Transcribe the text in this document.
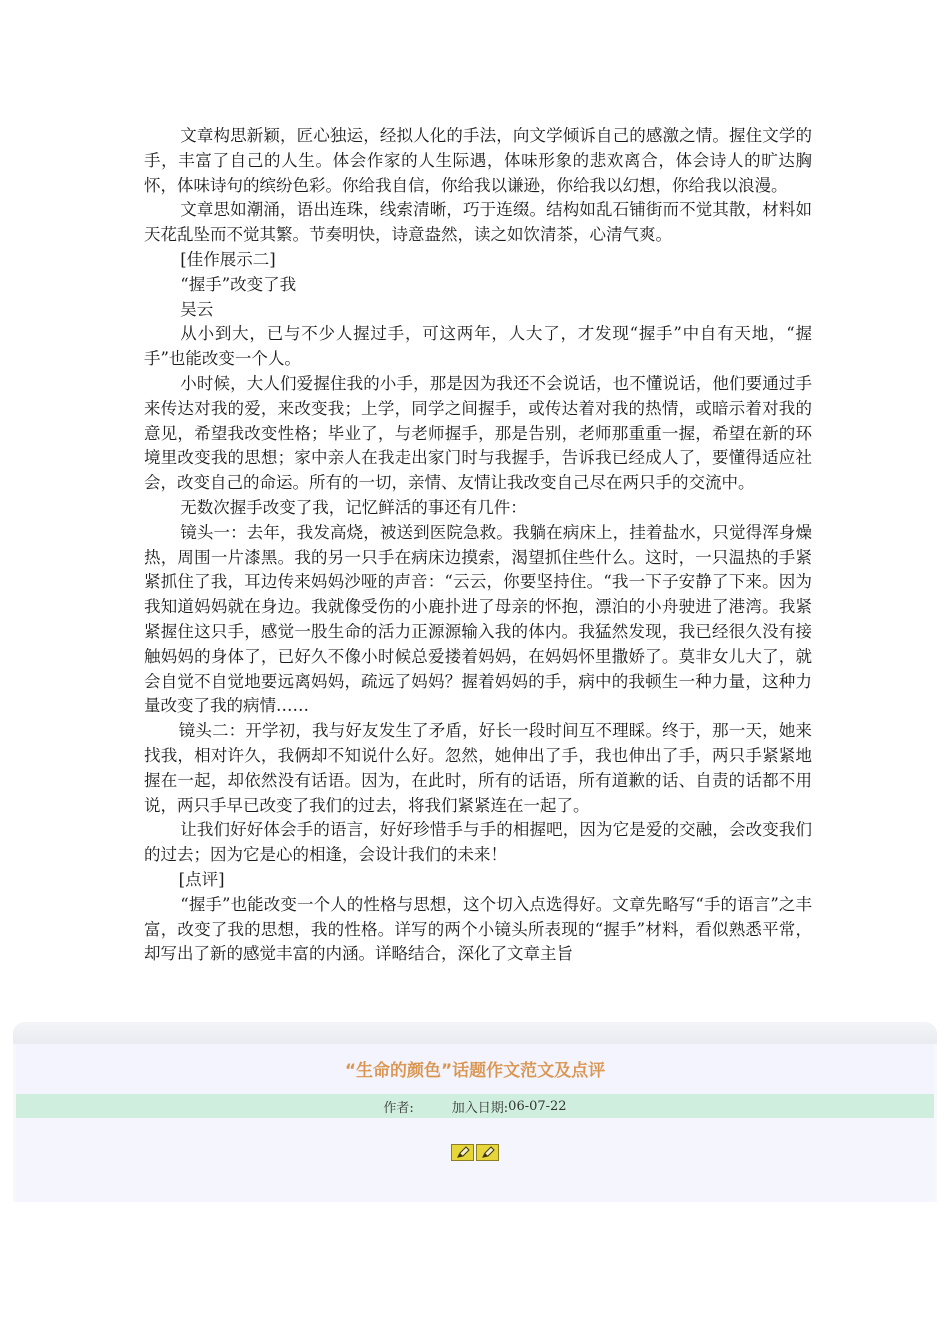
文章构思新颖，匠心独运，经拟人化的手法，向文学倾诉自己的感激之情。握住文学的手，丰富了自己的人生。体会作家的人生际遇，体味形象的悲欢离合，体会诗人的旷达胸怀，体味诗句的缤纷色彩。你给我自信，你给我以谦逊，你给我以幻想，你给我以浪漫。

文章思如潮涌，语出连珠，线索清晰，巧于连缀。结构如乱石铺街而不觉其散，材料如天花乱坠而不觉其繁。节奏明快，诗意盎然，读之如饮清茶，心清气爽。

[佳作展示二]

“握手”改变了我

吴云

从小到大，已与不少人握过手，可这两年，人大了，才发现“握手”中自有天地，“握手”也能改变一个人。

小时候，大人们爱握住我的小手，那是因为我还不会说话，也不懂说话，他们要通过手来传达对我的爱，来改变我；上学，同学之间握手，或传达着对我的热情，或暗示着对我的意见，希望我改变性格；毕业了，与老师握手，那是告别，老师那重重一握，希望在新的环境里改变我的思想；家中亲人在我走出家门时与我握手，告诉我已经成人了，要懂得适应社会，改变自己的命运。所有的一切，亲情、友情让我改变自己尽在两只手的交流中。

无数次握手改变了我，记忆鲜活的事还有几件：

镜头一：去年，我发高烧，被送到医院急救。我躺在病床上，挂着盐水，只觉得浑身燥热，周围一片漆黑。我的另一只手在病床边摸索，渴望抓住些什么。这时，一只温热的手紧紧抓住了我，耳边传来妈妈沙哑的声音：“云云，你要坚持住。“我一下子安静了下来。因为我知道妈妈就在身边。我就像受伤的小鹿扑进了母亲的怀抱，漂泊的小舟驶进了港湾。我紧紧握住这只手，感觉一股生命的活力正源源输入我的体内。我猛然发现，我已经很久没有接触妈妈的身体了，已好久不像小时候总爱搂着妈妈，在妈妈怀里撒娇了。莫非女儿大了，就会自觉不自觉地要远离妈妈，疏远了妈妈？握着妈妈的手，病中的我顿生一种力量，这种力量改变了我的病情……

镜头二：开学初，我与好友发生了矛盾，好长一段时间互不理睬。终于，那一天，她来找我，相对许久，我俩却不知说什么好。忽然，她伸出了手，我也伸出了手，两只手紧紧地握在一起，却依然没有话语。因为，在此时，所有的话语，所有道歉的话、自责的话都不用说，两只手早已改变了我们的过去，将我们紧紧连在一起了。

让我们好好体会手的语言，好好珍惜手与手的相握吧，因为它是爱的交融，会改变我们的过去；因为它是心的相逢，会设计我们的未来！

[点评]

“握手”也能改变一个人的性格与思想，这个切入点选得好。文章先略写“手的语言”之丰富，改变了我的思想，我的性格。详写的两个小镜头所表现的“握手”材料，看似熟悉平常，却写出了新的感觉丰富的内涵。详略结合，深化了文章主旨

“生命的颜色”话题作文范文及点评
作者:	加入日期: 06-07-22
